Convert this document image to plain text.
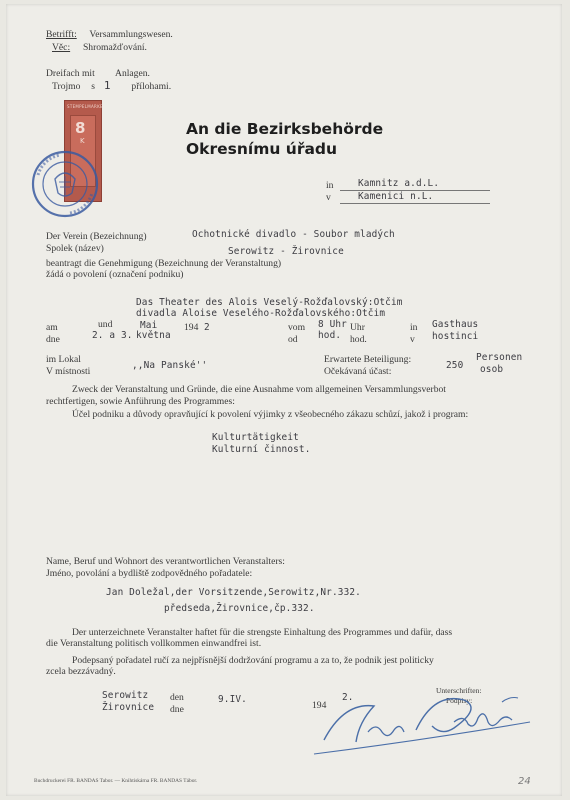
Betrifft: Versammlungswesen.
Věc: Shromažďování.
Dreifach mit Anlagen.
Trojmo s 1 přílohami.
STEMPELMARKE
8
K
An die Bezirksbehörde
Okresnímu úřadu
in
v
Kamnitz a.d.L.
Kamenici n.L.
Der Verein (Bezeichnung)
Spolek (název)
Ochotnické divadlo - Soubor mladých
Serowitz - Žirovnice
beantragt die Genehmigung (Bezeichnung der Veranstaltung)
žádá o povolení (označení podniku)
Das Theater des Alois Veselý-Rožďalovský:Otčim
divadla Aloise Veselého-Rožďalovského:Otčim
am
dne
und
2. a 3.
Mai
května
194 2	vom
od
8 Uhr Uhr
hod. hod.
in
v
Gasthaus
hostinci
im Lokal
V místnosti
,,Na Panské''
Erwartete Beteiligung:
Očekávaná účast:
250
Personen
osob
Zweck der Veranstaltung und Gründe, die eine Ausnahme vom allgemeinen Versammlungsverbot
rechtfertigen, sowie Anführung des Programmes:
Účel podniku a důvody opravňující k povolení výjimky z všeobecného zákazu schůzí, jakož i program:
Kulturtätigkeit
Kulturní činnost.
Name, Beruf und Wohnort des verantwortlichen Veranstalters:
Jméno, povolání a bydliště zodpovědného pořadatele:
Jan Doležal,der Vorsitzende,Serowitz,Nr.332.
předseda,Žirovnice,čp.332.
Der unterzeichnete Veranstalter haftet für die strengste Einhaltung des Programmes und dafür, dass
die Veranstaltung politisch vollkommen einwandfrei ist.
Podepsaný pořadatel ručí za nejpřísnější dodržování programu a za to, že podnik jest politicky
zcela bezzávadný.
Serowitz
Žirovnice
den
dne
9.IV.
194
2.
Unterschriften:
Podpisy:
Buchdruckerei FR. BANDAS Tabor. — Knihtiskárna FR. BANDAS Tábor.	24
